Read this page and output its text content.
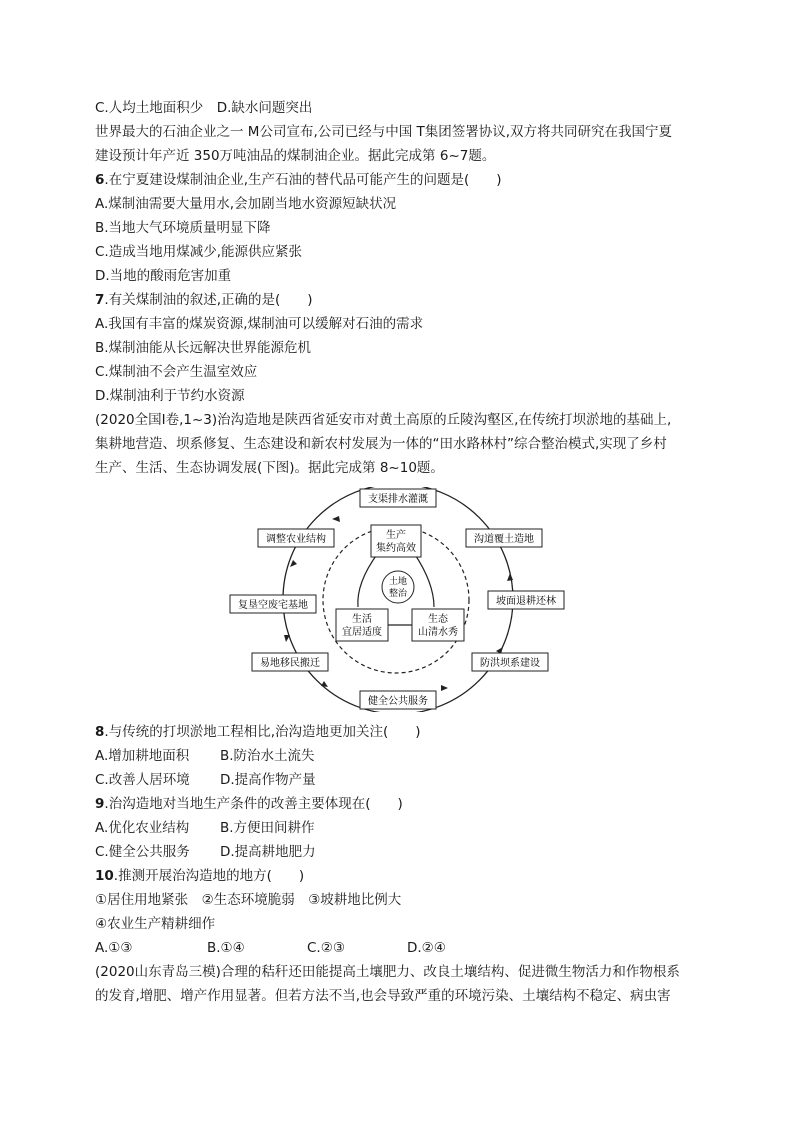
C.人均土地面积少　D.缺水问题突出
世界最大的石油企业之一 M公司宣布,公司已经与中国 T集团签署协议,双方将共同研究在我国宁夏
建设预计年产近 350万吨油品的煤制油企业。据此完成第 6~7题。
6.在宁夏建设煤制油企业,生产石油的替代品可能产生的问题是(　　)
A.煤制油需要大量用水,会加剧当地水资源短缺状况
B.当地大气环境质量明显下降
C.造成当地用煤减少,能源供应紧张
D.当地的酸雨危害加重
7.有关煤制油的叙述,正确的是(　　)
A.我国有丰富的煤炭资源,煤制油可以缓解对石油的需求
B.煤制油能从长远解决世界能源危机
C.煤制油不会产生温室效应
D.煤制油利于节约水资源
(2020全国Ⅰ卷,1~3)治沟造地是陕西省延安市对黄土高原的丘陵沟壑区,在传统打坝淤地的基础上,
集耕地营造、坝系修复、生态建设和新农村发展为一体的“田水路林村”综合整治模式,实现了乡村
生产、生活、生态协调发展(下图)。据此完成第 8~10题。
生产
集约高效
生活
宜居适度
生态
山清水秀
土地
整治
支渠排水灌溉
沟道覆土造地
坡面退耕还林
防洪坝系建设
健全公共服务
易地移民搬迁
复垦空废宅基地
调整农业结构
8.与传统的打坝淤地工程相比,治沟造地更加关注(　　)
A.增加耕地面积 B.防治水土流失
C.改善人居环境 D.提高作物产量
9.治沟造地对当地生产条件的改善主要体现在(　　)
A.优化农业结构 B.方便田间耕作
C.健全公共服务 D.提高耕地肥力
10.推测开展治沟造地的地方(　　)
①居住用地紧张　②生态环境脆弱　③坡耕地比例大
④农业生产精耕细作
A.①③	B.①④	C.②③	D.②④
(2020山东青岛三模)合理的秸秆还田能提高土壤肥力、改良土壤结构、促进微生物活力和作物根系
的发育,增肥、增产作用显著。但若方法不当,也会导致严重的环境污染、土壤结构不稳定、病虫害
